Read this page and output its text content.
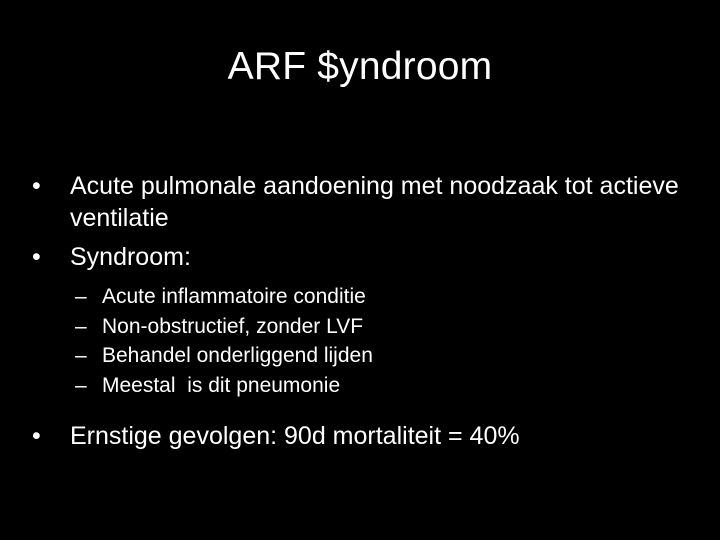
ARF $yndroom
•	Acute pulmonale aandoening met noodzaak tot actieve ventilatie
•	Syndroom:
– Acute inflammatoire conditie
– Non-obstructief, zonder LVF
– Behandel onderliggend lijden
– Meestal  is dit pneumonie
•	Ernstige gevolgen: 90d mortaliteit = 40%
